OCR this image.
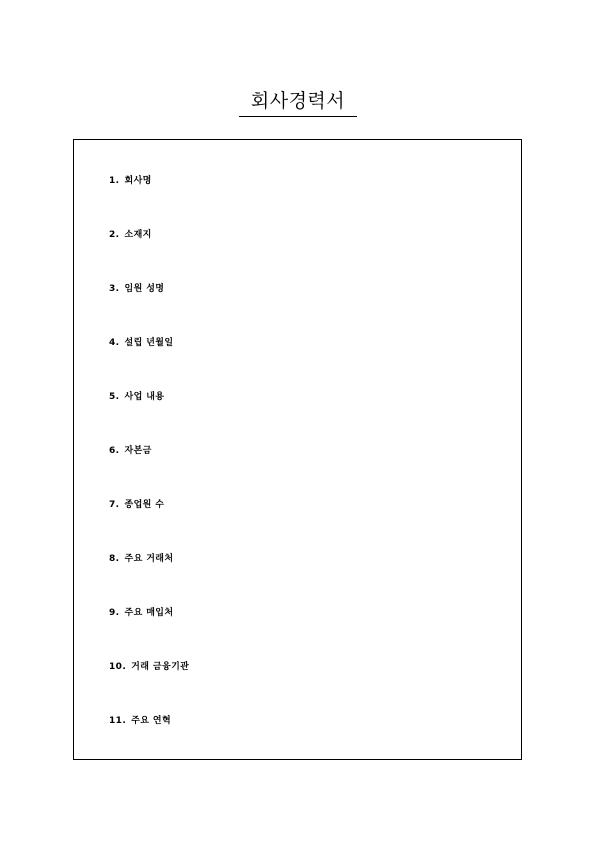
회사경력서
1. 회사명
2. 소재지
3. 임원 성명
4. 설립 년월일
5. 사업 내용
6. 자본금
7. 종업원 수
8. 주요 거래처
9. 주요 매입처
10. 거래 금융기관
11. 주요 연혁
